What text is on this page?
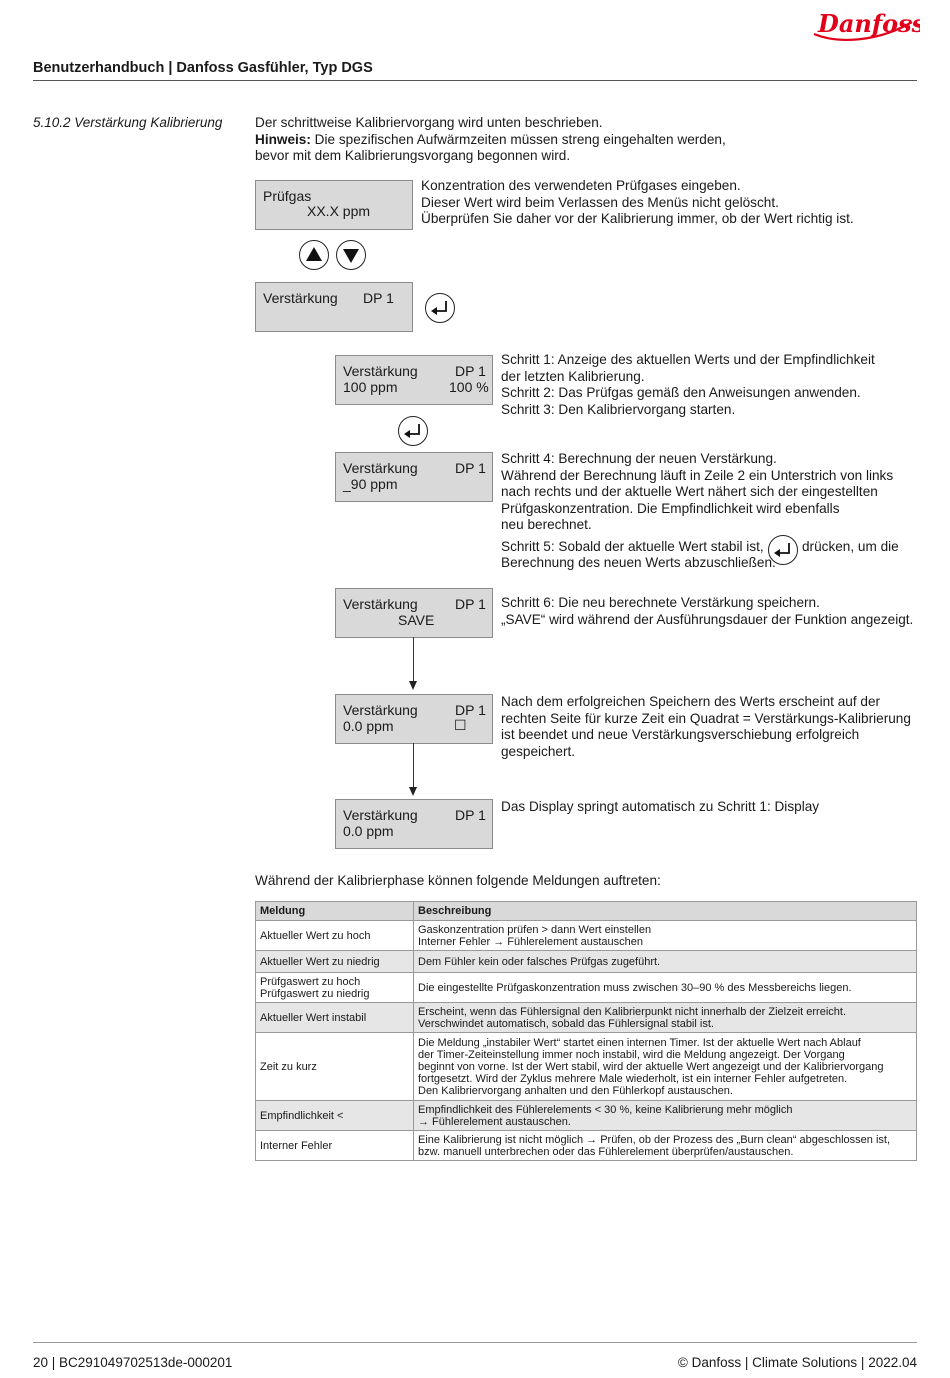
Danfoss
Benutzerhandbuch | Danfoss Gasfühler, Typ DGS
5.10.2 Verstärkung Kalibrierung Der schrittweise Kalibriervorgang wird unten beschrieben.
Hinweis: Die spezifischen Aufwärmzeiten müssen streng eingehalten werden,
bevor mit dem Kalibrierungsvorgang begonnen wird.
Prüfgas
XX.X ppm
Konzentration des verwendeten Prüfgases eingeben.
Dieser Wert wird beim Verlassen des Menüs nicht gelöscht.
Überprüfen Sie daher vor der Kalibrierung immer, ob der Wert richtig ist.
Verstärkung DP 1
Verstärkung	DP 1
100 ppm	100 %
Schritt 1: Anzeige des aktuellen Werts und der Empfindlichkeit
der letzten Kalibrierung.
Schritt 2: Das Prüfgas gemäß den Anweisungen anwenden.
Schritt 3: Den Kalibriervorgang starten.
Verstärkung	DP 1
_90 ppm
Schritt 4: Berechnung der neuen Verstärkung.
Während der Berechnung läuft in Zeile 2 ein Unterstrich von links
nach rechts und der aktuelle Wert nähert sich der eingestellten
Prüfgaskonzentration. Die Empfindlichkeit wird ebenfalls
neu berechnet.
Schritt 5: Sobald der aktuelle Wert stabil ist,	drücken, um die
Berechnung des neuen Werts abzuschließen.
Verstärkung	DP 1
SAVE
Schritt 6: Die neu berechnete Verstärkung speichern.
„SAVE“ wird während der Ausführungsdauer der Funktion angezeigt.
Verstärkung	DP 1
0.0 ppm	☐
Nach dem erfolgreichen Speichern des Werts erscheint auf der
rechten Seite für kurze Zeit ein Quadrat = Verstärkungs-Kalibrierung
ist beendet und neue Verstärkungsverschiebung erfolgreich
gespeichert.
Verstärkung	DP 1
0.0 ppm
Das Display springt automatisch zu Schritt 1: Display
Während der Kalibrierphase können folgende Meldungen auftreten:
Meldung	Beschreibung

Aktueller Wert zu hoch	Gaskonzentration prüfen > dann Wert einstellen
Interner Fehler → Fühlerelement austauschen

Aktueller Wert zu niedrig	Dem Fühler kein oder falsches Prüfgas zugeführt.

Prüfgaswert zu hoch
Prüfgaswert zu niedrig	Die eingestellte Prüfgaskonzentration muss zwischen 30–90 % des Messbereichs liegen.

Aktueller Wert instabil	Erscheint, wenn das Fühlersignal den Kalibrierpunkt nicht innerhalb der Zielzeit erreicht.
Verschwindet automatisch, sobald das Fühlersignal stabil ist.

Zeit zu kurz	Die Meldung „instabiler Wert“ startet einen internen Timer. Ist der aktuelle Wert nach Ablauf
der Timer-Zeiteinstellung immer noch instabil, wird die Meldung angezeigt. Der Vorgang
beginnt von vorne. Ist der Wert stabil, wird der aktuelle Wert angezeigt und der Kalibriervorgang
fortgesetzt. Wird der Zyklus mehrere Male wiederholt, ist ein interner Fehler aufgetreten.
Den Kalibriervorgang anhalten und den Fühlerkopf austauschen.

Empfindlichkeit <	Empfindlichkeit des Fühlerelements < 30 %, keine Kalibrierung mehr möglich
→ Fühlerelement austauschen.

Interner Fehler	Eine Kalibrierung ist nicht möglich → Prüfen, ob der Prozess des „Burn clean“ abgeschlossen ist,
bzw. manuell unterbrechen oder das Fühlerelement überprüfen/austauschen.
20 | BC291049702513de-000201	© Danfoss | Climate Solutions | 2022.04
